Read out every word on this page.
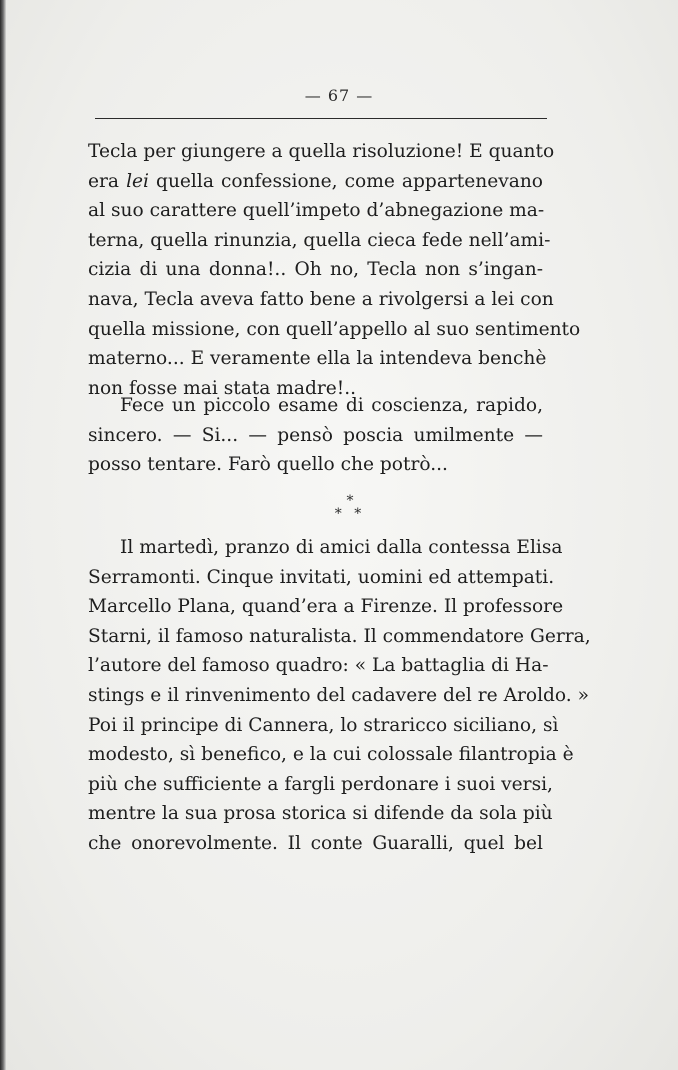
— 67 —

Tecla per giungere a quella risoluzione! E quanto
era lei quella confessione, come appartenevano
al suo carattere quell’impeto d’abnegazione ma-
terna, quella rinunzia, quella cieca fede nell’ami-
cizia di una donna!.. Oh no, Tecla non s’ingan-
nava, Tecla aveva fatto bene a rivolgersi a lei con
quella missione, con quell’appello al suo sentimento
materno... E veramente ella la intendeva benchè
non fosse mai stata madre!..

Fece un piccolo esame di coscienza, rapido,
sincero. — Si... — pensò poscia umilmente —
posso tentare. Farò quello che potrò...

*
* *

Il martedì, pranzo di amici dalla contessa Elisa
Serramonti. Cinque invitati, uomini ed attempati.
Marcello Plana, quand’era a Firenze. Il professore
Starni, il famoso naturalista. Il commendatore Gerra,
l’autore del famoso quadro: « La battaglia di Ha-
stings e il rinvenimento del cadavere del re Aroldo. »
Poi il principe di Cannera, lo straricco siciliano, sì
modesto, sì benefico, e la cui colossale filantropia è
più che sufficiente a fargli perdonare i suoi versi,
mentre la sua prosa storica si difende da sola più
che onorevolmente. Il conte Guaralli, quel bel
